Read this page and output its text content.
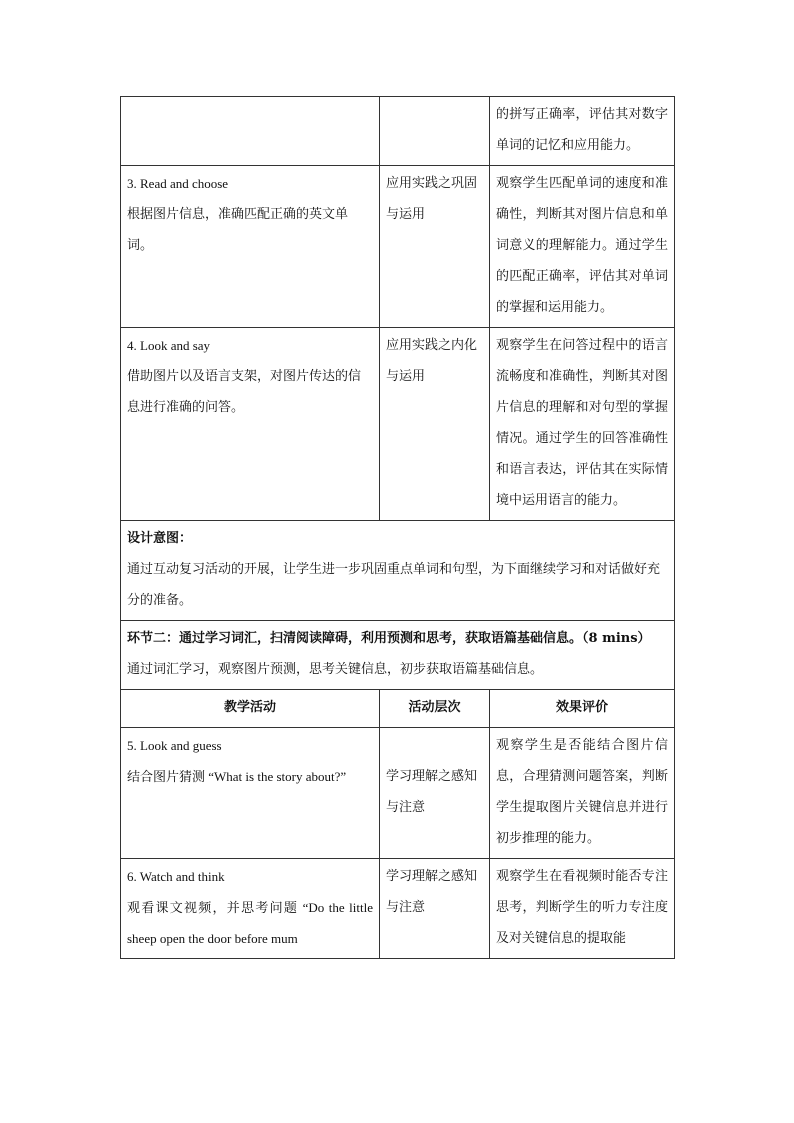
		的拼写正确率，评估其对数字单词的记忆和应用能力。

3. Read and choose
根据图片信息，准确匹配正确的英文单词。	应用实践之巩固与运用	观察学生匹配单词的速度和准确性，判断其对图片信息和单词意义的理解能力。通过学生的匹配正确率，评估其对单词的掌握和运用能力。

4. Look and say
借助图片以及语言支架，对图片传达的信息进行准确的问答。	应用实践之内化与运用	观察学生在问答过程中的语言流畅度和准确性，判断其对图片信息的理解和对句型的掌握情况。通过学生的回答准确性和语言表达，评估其在实际情境中运用语言的能力。

设计意图：
通过互动复习活动的开展，让学生进一步巩固重点单词和句型，为下面继续学习和对话做好充分的准备。		

环节二：通过学习词汇，扫清阅读障碍，利用预测和思考，获取语篇基础信息。（8 mins）
通过词汇学习，观察图片预测，思考关键信息，初步获取语篇基础信息。		

教学活动	活动层次	效果评价

5. Look and guess
结合图片猜测 “What is the story about?”	学习理解之感知与注意	观察学生是否能结合图片信息，合理猜测问题答案，判断学生提取图片关键信息并进行初步推理的能力。

6. Watch and think
观看课文视频，并思考问题 “Do the little sheep open the door before mum	学习理解之感知与注意	观察学生在看视频时能否专注思考，判断学生的听力专注度及对关键信息的提取能
